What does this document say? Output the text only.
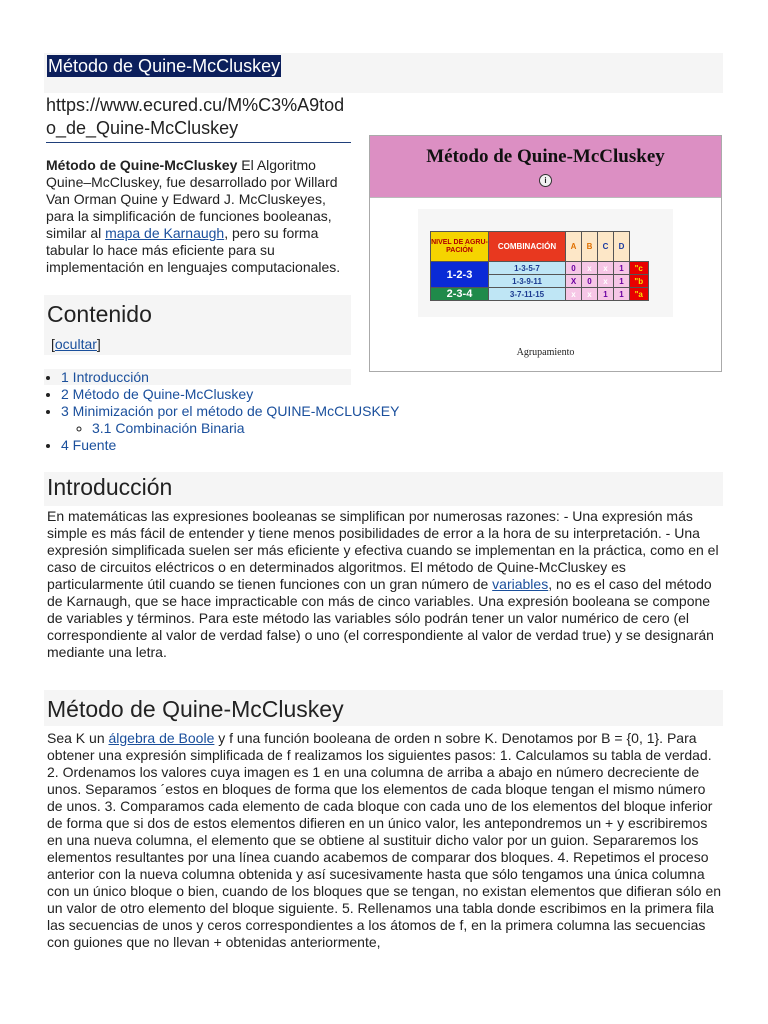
Método de Quine-McCluskey
https://www.ecured.cu/M%C3%A9todo_de_Quine-McCluskey
Método de Quine-McCluskey El Algoritmo Quine–McCluskey, fue desarrollado por Willard Van Orman Quine y Edward J. McCluskeyes, para la simplificación de funciones booleanas, similar al mapa de Karnaugh, pero su forma tabular lo hace más eficiente para su implementación en lenguajes computacionales.
Contenido
[ocultar]
• 1 Introducción
• 2 Método de Quine-McCluskey
• 3 Minimización por el método de QUINE-McCLUSKEY
◦ 3.1 Combinación Binaria
• 4 Fuente
Método de Quine-McCluskey
i
NIVEL DE AGRU-PACIÓN	COMBINACIÓN	A	B	C	D	
1-2-3	1-3-5-7	0	x	x	1	"c
	1-3-9-11	X	0	x	1	"b
2-3-4	3-7-11-15	x	x	1	1	"a
Agrupamiento
Introducción
En matemáticas las expresiones booleanas se simplifican por numerosas razones: - Una expresión más simple es más fácil de entender y tiene menos posibilidades de error a la hora de su interpretación. - Una expresión simplificada suelen ser más eficiente y efectiva cuando se implementan en la práctica, como en el caso de circuitos eléctricos o en determinados algoritmos. El método de Quine-McCluskey es particularmente útil cuando se tienen funciones con un gran número de variables, no es el caso del método de Karnaugh, que se hace impracticable con más de cinco variables. Una expresión booleana se compone de variables y términos. Para este método las variables sólo podrán tener un valor numérico de cero (el correspondiente al valor de verdad false) o uno (el correspondiente al valor de verdad true) y se designarán mediante una letra.
Método de Quine-McCluskey
Sea K un álgebra de Boole y f una función booleana de orden n sobre K. Denotamos por B = {0, 1}. Para obtener una expresión simplificada de f realizamos los siguientes pasos: 1. Calculamos su tabla de verdad. 2. Ordenamos los valores cuya imagen es 1 en una columna de arriba a abajo en número decreciente de unos. Separamos ´estos en bloques de forma que los elementos de cada bloque tengan el mismo número de unos. 3. Comparamos cada elemento de cada bloque con cada uno de los elementos del bloque inferior de forma que si dos de estos elementos difieren en un único valor, les antepondremos un + y escribiremos en una nueva columna, el elemento que se obtiene al sustituir dicho valor por un guion. Separaremos los elementos resultantes por una línea cuando acabemos de comparar dos bloques. 4. Repetimos el proceso anterior con la nueva columna obtenida y así sucesivamente hasta que sólo tengamos una única columna con un único bloque o bien, cuando de los bloques que se tengan, no existan elementos que difieran sólo en un valor de otro elemento del bloque siguiente. 5. Rellenamos una tabla donde escribimos en la primera fila las secuencias de unos y ceros correspondientes a los átomos de f, en la primera columna las secuencias con guiones que no llevan + obtenidas anteriormente,
